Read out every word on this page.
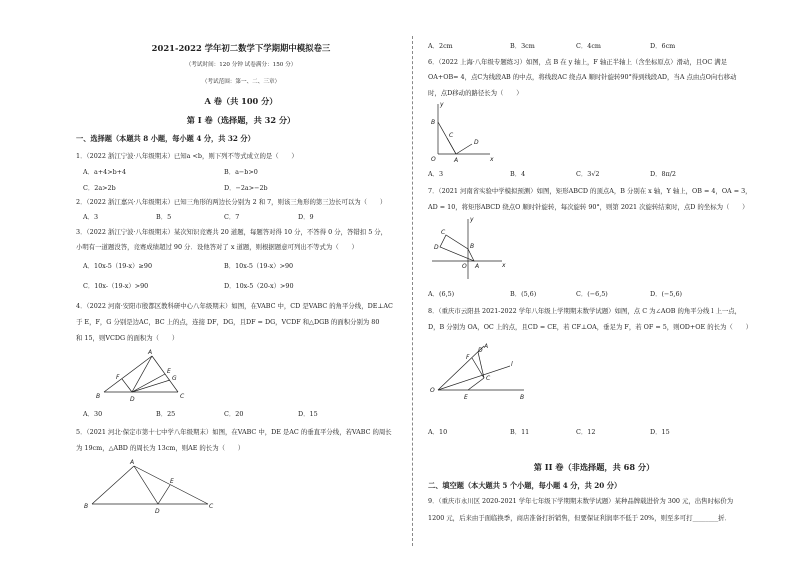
2021-2022 学年初二数学下学期期中模拟卷三
（考试时间：120 分钟 试卷满分：150 分）
（考试范围：第一、二、三章）
A 卷（共 100 分）
第 I 卷（选择题，共 32 分）
一、选择题（本题共 8 小题，每小题 4 分，共 32 分）
1．（2022 浙江宁波·八年级期末）已知a <b，则下列不等式成立的是（　　）
A．a+4>b+4	B．a−b>0
C．2a>2b	D．−2a>−2b
2．（2022 浙江嘉兴·八年级期末）已知三角形的两边长分别为 2 和 7，则该三角形的第三边长可以为（　　）
A．3	B．5	C．7	D．9
3．（2022 浙江宁波·八年级期末）某次知识竞赛共 20 道题，每题答对得 10 分，不答得 0 分，答错扣 5 分，
小明有一道题没答，竞赛成绩超过 90 分．设他答对了 x 道题，则根据题意可列出不等式为（　　）
A．10x-5（19-x）≥90	B．10x-5（19-x）>90
C．10x-（19-x）>90	D．10x-5（20-x）>90
4．（2022 河南·安阳市殷都区教科研中心八年级期末）如图，在VABC 中，CD 是VABC 的角平分线，DE⊥AC
于 E，F，G 分别是边AC，BC 上的点，连接 DF，DG，且DF = DG，VCDF 和△DGB 的面积分别为 80
和 15，则VCDG 的面积为（　　）
A
B	C
D
E
F	G
A．30	B．25	C．20	D．15
5．（2021 河北·保定市第十七中学八年级期末）如图，在VABC 中，DE 是AC 的垂直平分线，若VABC 的周长
为 19cm，△ABD 的周长为 13cm，则AE 的长为（　　）
A
B	C
D
E
A．2cm	B．3cm	C．4cm	D．6cm
6．（2022 上海·八年级专题练习）如图，点 B 在 y 轴上，F 轴正半轴上（含坐标原点）滑动，且OC 满足
OA+OB= 4，点C为线段AB 的中点，将线段AC 绕点A 顺时针旋转90°得到线段AD，当A 点由点O向右移动
时，点D移动的路径长为（　　）
y
B
C
D
O	A	x
A．3	B．4	C．3√2	D．8π/2
7．（2021 河南省实验中学模拟预测）如图，矩形ABCD 的顶点A，B 分别在 x 轴，Y 轴上，OB = 4，OA = 3，
AD = 10，将矩形ABCD 绕点O 顺时针旋转，每次旋转 90°，则第 2021 次旋转结束时，点D 的坐标为（　　）
y
x
O A
B
C
D
A．(6,5)	B．(5,6)	C．(−6,5)	D．(−5,6)
8．（重庆市云阳县 2021-2022 学年八年级上学期期末数学试题）如图，点 C 为∠AOB 的角平分线 l 上一点，
D，B 分别为 OA，OC 上的点，且CD = CE，若 CF⊥OA，垂足为 F，若 OF = 5，则OD+OE 的长为（　　）
A
D
F
l
O
E	B
C
A．10	B．11	C．12	D．15
第 II 卷（非选择题，共 68 分）
二、填空题（本大题共 5 个小题，每小题 4 分，共 20 分）
9．（重庆市永川区 2020-2021 学年七年级下学期期末数学试题）某种品牌载进价为 300 元，出售时标价为
1200 元，后来由于面临换季，商店准备打折销售，但要保证利润率不低于 20%，则至多可打________折．
